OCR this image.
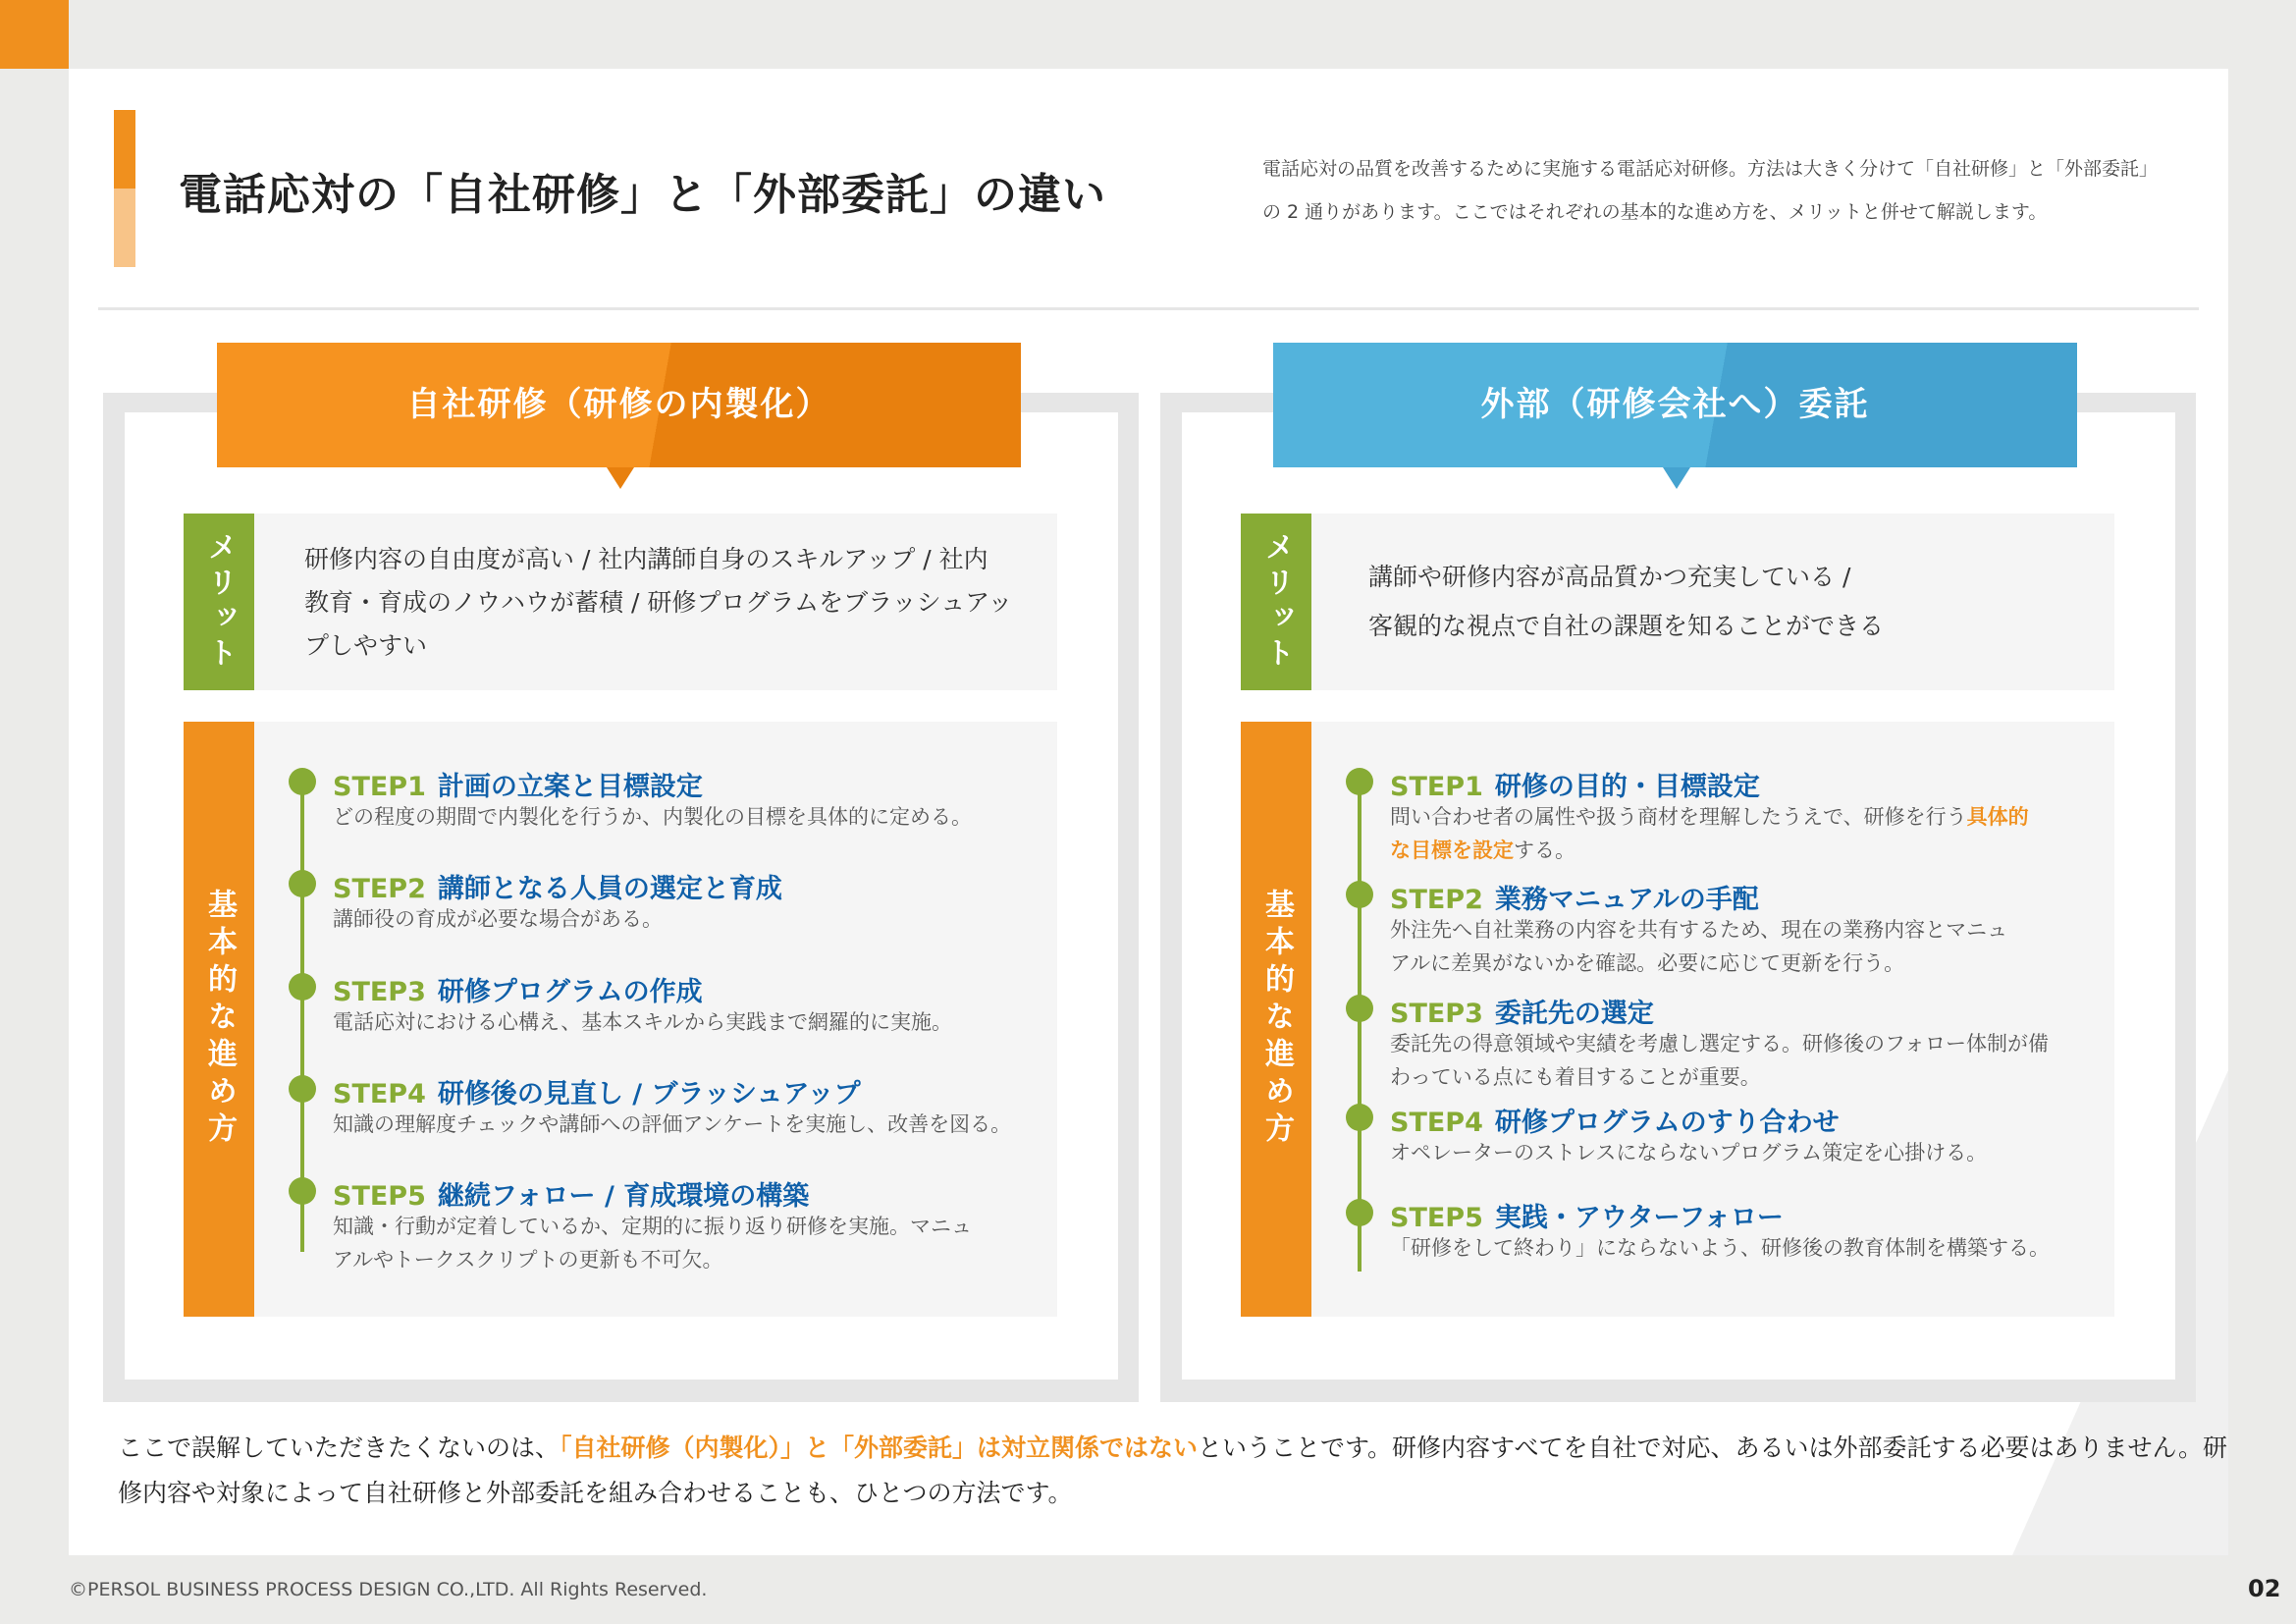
電話応対の「自社研修」と「外部委託」の違い
電話応対の品質を改善するために実施する電話応対研修。方法は大きく分けて「自社研修」と「外部委託」
の 2 通りがあります。ここではそれぞれの基本的な進め方を、メリットと併せて解説します。
自社研修（研修の内製化）
メリット	研修内容の自由度が高い / 社内講師自身のスキルアップ / 社内
教育・育成のノウハウが蓄積 / 研修プログラムをブラッシュアッ
プしやすい
基本的な進め方
STEP1 計画の立案と目標設定
どの程度の期間で内製化を行うか、内製化の目標を具体的に定める。
STEP2 講師となる人員の選定と育成
講師役の育成が必要な場合がある。
STEP3 研修プログラムの作成
電話応対における心構え、基本スキルから実践まで網羅的に実施。
STEP4 研修後の見直し / ブラッシュアップ
知識の理解度チェックや講師への評価アンケートを実施し、改善を図る。
STEP5 継続フォロー / 育成環境の構築
知識・行動が定着しているか、定期的に振り返り研修を実施。マニュ
アルやトークスクリプトの更新も不可欠。
外部（研修会社へ）委託
メリット	講師や研修内容が高品質かつ充実している /
客観的な視点で自社の課題を知ることができる
基本的な進め方
STEP1 研修の目的・目標設定
問い合わせ者の属性や扱う商材を理解したうえで、研修を行う具体的
な目標を設定する。
STEP2 業務マニュアルの手配
外注先へ自社業務の内容を共有するため、現在の業務内容とマニュ
アルに差異がないかを確認。必要に応じて更新を行う。
STEP3 委託先の選定
委託先の得意領域や実績を考慮し選定する。研修後のフォロー体制が備
わっている点にも着目することが重要。
STEP4 研修プログラムのすり合わせ
オペレーターのストレスにならないプログラム策定を心掛ける。
STEP5 実践・アウターフォロー
「研修をして終わり」にならないよう、研修後の教育体制を構築する。
ここで誤解していただきたくないのは、「自社研修（内製化）」と「外部委託」は対立関係ではないということです。研修内容すべてを自社で対応、あるいは外部委託する必要はありません。研
修内容や対象によって自社研修と外部委託を組み合わせることも、ひとつの方法です。
©PERSOL BUSINESS PROCESS DESIGN CO.,LTD. All Rights Reserved.	02
